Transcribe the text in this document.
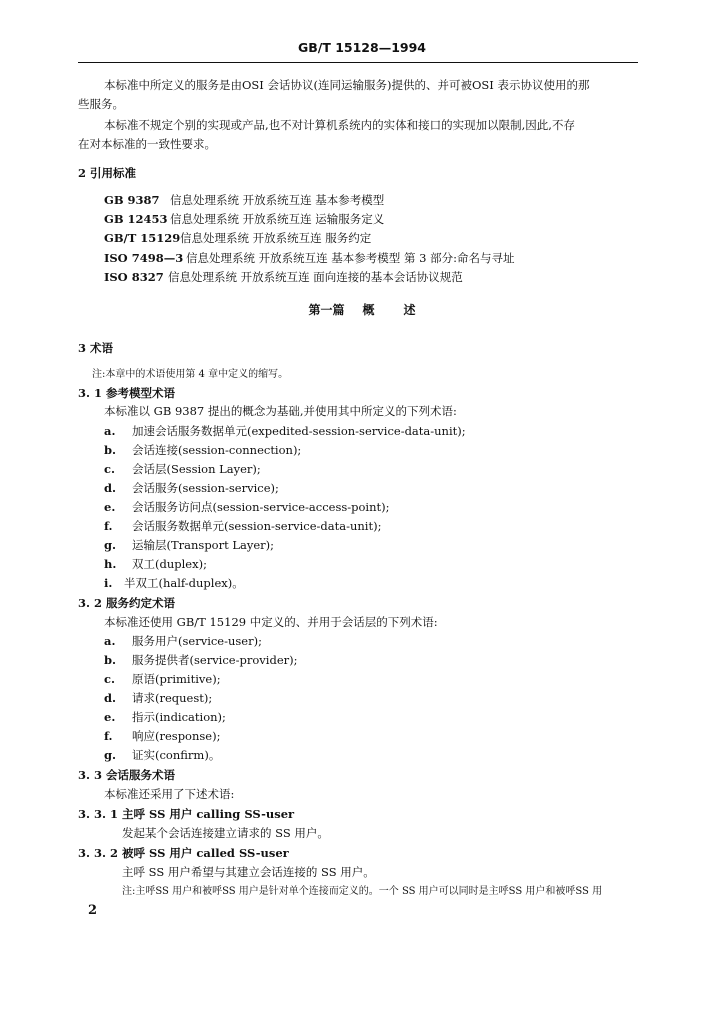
GB/T 15128—1994
本标准中所定义的服务是由OSI 会话协议(连同运输服务)提供的、并可被OSI 表示协议使用的那
些服务。
本标准不规定个别的实现或产品,也不对计算机系统内的实体和接口的实现加以限制,因此,不存
在对本标准的一致性要求。
2 引用标准
GB 9387 信息处理系统 开放系统互连 基本参考模型
GB 12453 信息处理系统 开放系统互连 运输服务定义
GB/T 15129信息处理系统 开放系统互连 服务约定
ISO 7498—3 信息处理系统 开放系统互连 基本参考模型 第 3 部分:命名与寻址
ISO 8327 信息处理系统 开放系统互连 面向连接的基本会话协议规范
第一篇 概 述
3 术语
注:本章中的术语使用第 4 章中定义的缩写。
3. 1 参考模型术语
本标准以 GB 9387 提出的概念为基础,并使用其中所定义的下列术语:
a. 加速会话服务数据单元(expedited-session-service-data-unit);
b. 会话连接(session-connection);
c. 会话层(Session Layer);
d. 会话服务(session-service);
e. 会话服务访问点(session-service-access-point);
f. 会话服务数据单元(session-service-data-unit);
g. 运输层(Transport Layer);
h. 双工(duplex);
i. 半双工(half-duplex)。
3. 2 服务约定术语
本标准还使用 GB/T 15129 中定义的、并用于会话层的下列术语:
a. 服务用户(service-user);
b. 服务提供者(service-provider);
c. 原语(primitive);
d. 请求(request);
e. 指示(indication);
f. 响应(response);
g. 证实(confirm)。
3. 3 会话服务术语
本标准还采用了下述术语:
3. 3. 1 主呼 SS 用户 calling SS-user
发起某个会话连接建立请求的 SS 用户。
3. 3. 2 被呼 SS 用户 called SS-user
主呼 SS 用户希望与其建立会话连接的 SS 用户。
注:主呼SS 用户和被呼SS 用户是针对单个连接而定义的。一个 SS 用户可以同时是主呼SS 用户和被呼SS 用
2
